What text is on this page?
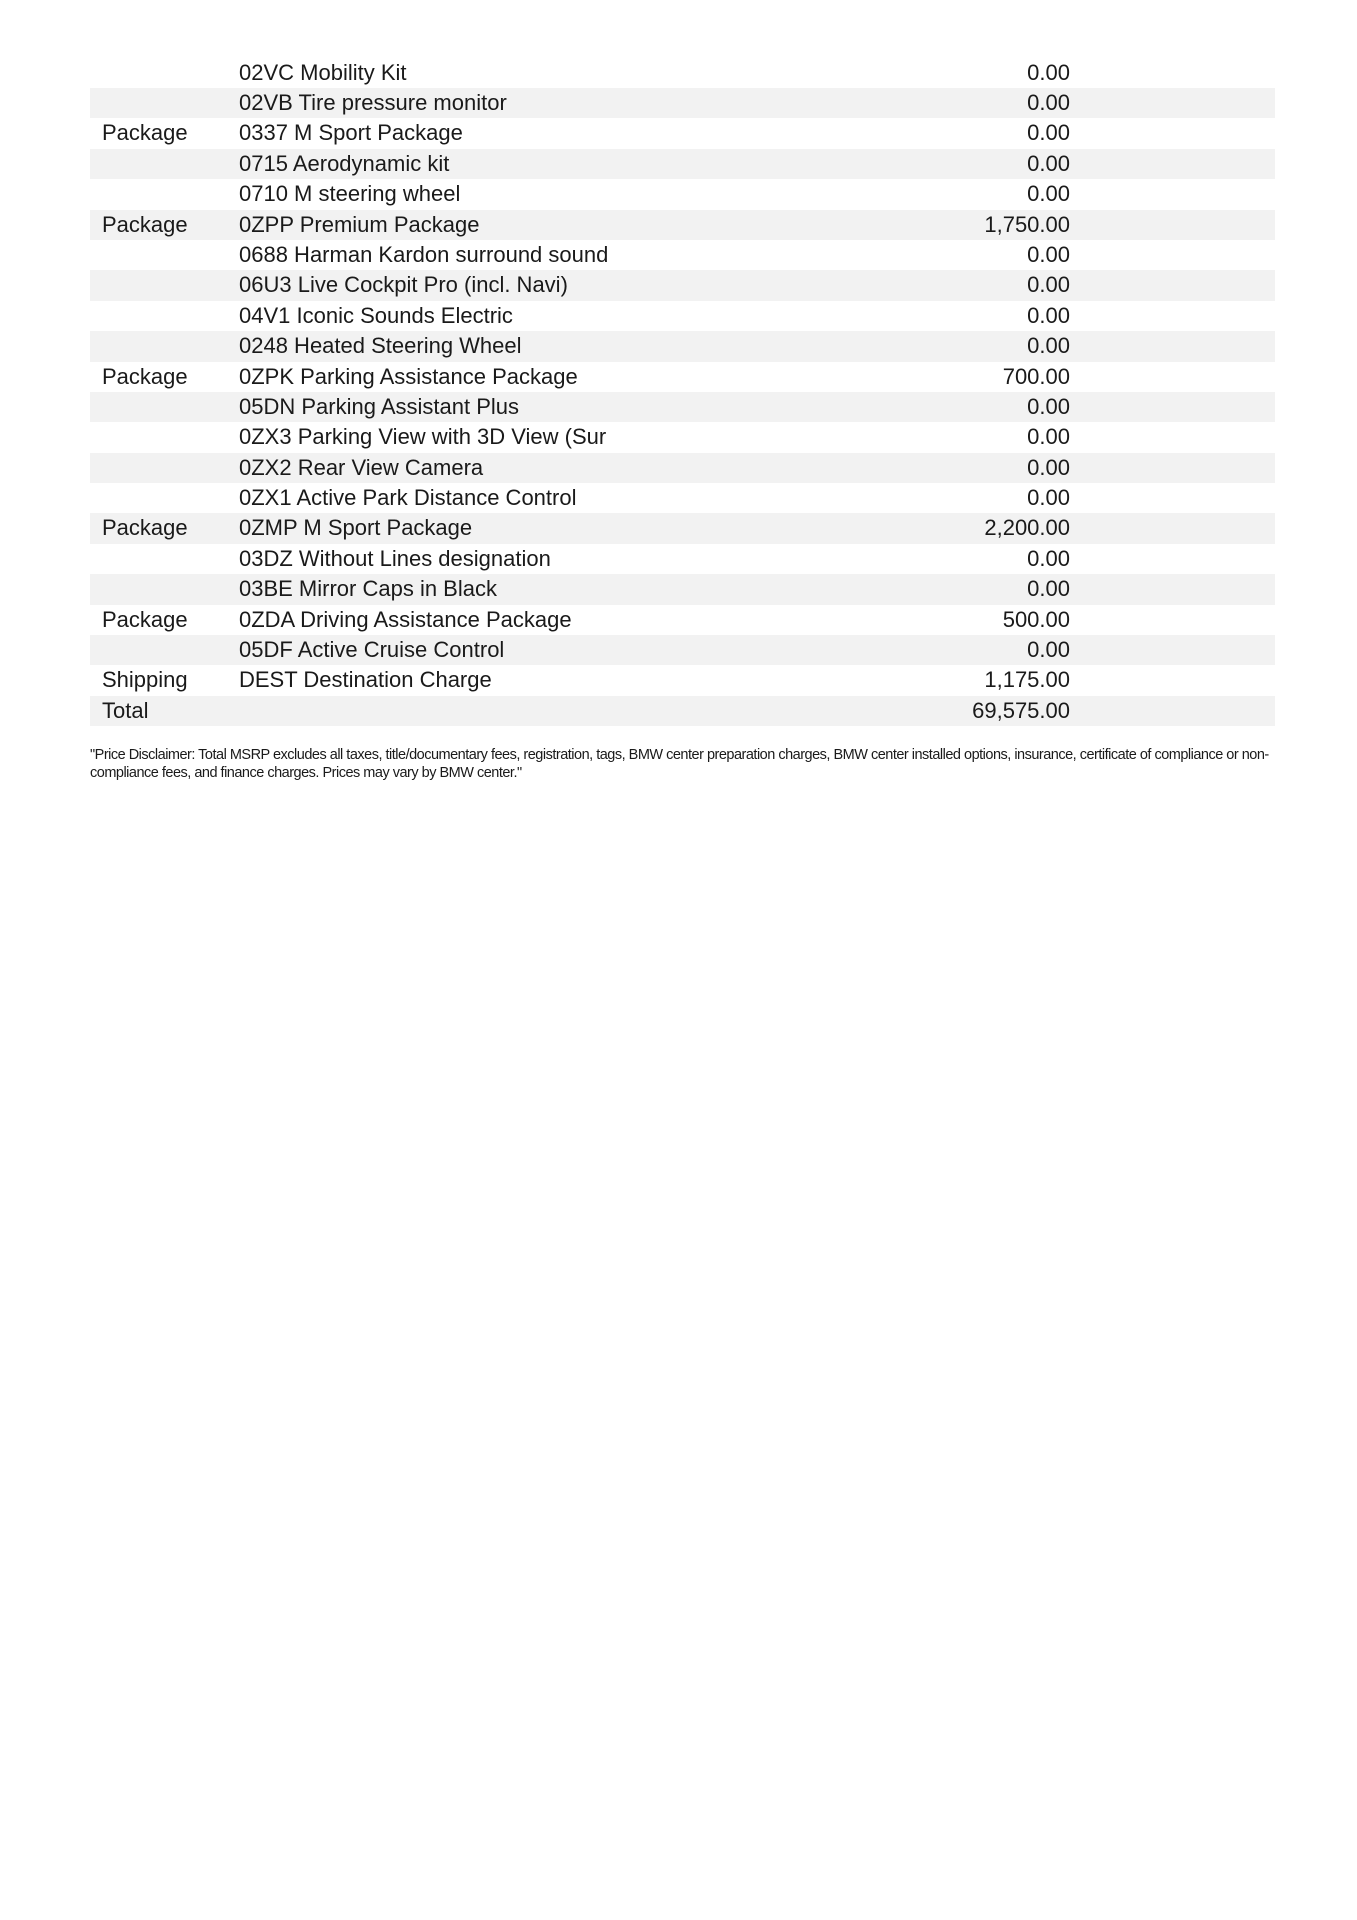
02VC Mobility Kit	0.00
02VB Tire pressure monitor	0.00
Package 0337 M Sport Package	0.00
0715 Aerodynamic kit	0.00
0710 M steering wheel	0.00
Package 0ZPP Premium Package	1,750.00
0688 Harman Kardon surround sound	0.00
06U3 Live Cockpit Pro (incl. Navi)	0.00
04V1 Iconic Sounds Electric	0.00
0248 Heated Steering Wheel	0.00
Package 0ZPK Parking Assistance Package	700.00
05DN Parking Assistant Plus	0.00
0ZX3 Parking View with 3D View (Sur	0.00
0ZX2 Rear View Camera	0.00
0ZX1 Active Park Distance Control	0.00
Package 0ZMP M Sport Package	2,200.00
03DZ Without Lines designation	0.00
03BE Mirror Caps in Black	0.00
Package 0ZDA Driving Assistance Package	500.00
05DF Active Cruise Control	0.00
Shipping DEST Destination Charge	1,175.00
Total	69,575.00
"Price Disclaimer: Total MSRP excludes all taxes, title/documentary fees, registration, tags, BMW center preparation charges, BMW center installed options, insurance, certificate of compliance or non-compliance fees, and finance charges. Prices may vary by BMW center."
